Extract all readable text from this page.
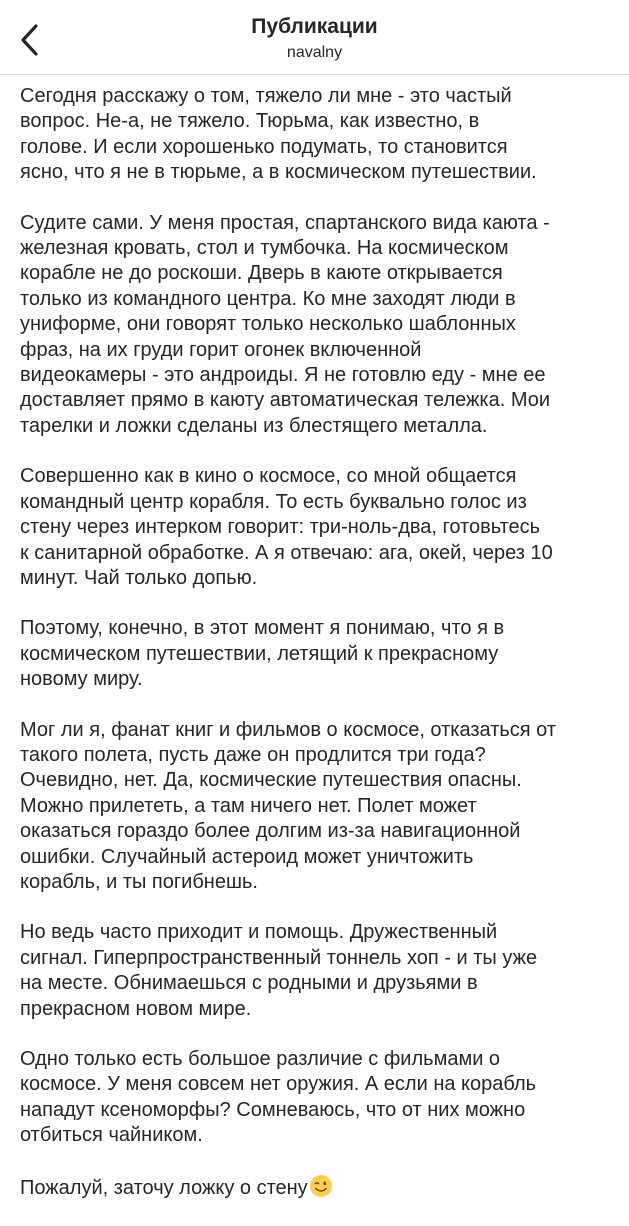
Публикации
navalny

Сегодня расскажу о том, тяжело ли мне - это частый
вопрос. Не-а, не тяжело. Тюрьма, как известно, в
голове. И если хорошенько подумать, то становится
ясно, что я не в тюрьме, а в космическом путешествии.

Судите сами. У меня простая, спартанского вида каюта -
железная кровать, стол и тумбочка. На космическом
корабле не до роскоши. Дверь в каюте открывается
только из командного центра. Ко мне заходят люди в
униформе, они говорят только несколько шаблонных
фраз, на их груди горит огонек включенной
видеокамеры - это андроиды. Я не готовлю еду - мне ее
доставляет прямо в каюту автоматическая тележка. Мои
тарелки и ложки сделаны из блестящего металла.

Совершенно как в кино о космосе, со мной общается
командный центр корабля. То есть буквально голос из
стену через интерком говорит: три-ноль-два, готовьтесь
к санитарной обработке. А я отвечаю: ага, окей, через 10
минут. Чай только допью.

Поэтому, конечно, в этот момент я понимаю, что я в
космическом путешествии, летящий к прекрасному
новому миру.

Мог ли я, фанат книг и фильмов о космосе, отказаться от
такого полета, пусть даже он продлится три года?
Очевидно, нет. Да, космические путешествия опасны.
Можно прилететь, а там ничего нет. Полет может
оказаться гораздо более долгим из-за навигационной
ошибки. Случайный астероид может уничтожить
корабль, и ты погибнешь.

Но ведь часто приходит и помощь. Дружественный
сигнал. Гиперпространственный тоннель хоп - и ты уже
на месте. Обнимаешься с родными и друзьями в
прекрасном новом мире.

Одно только есть большое различие с фильмами о
космосе. У меня совсем нет оружия. А если на корабль
нападут ксеноморфы? Сомневаюсь, что от них можно
отбиться чайником.

Пожалуй, заточу ложку о стену
